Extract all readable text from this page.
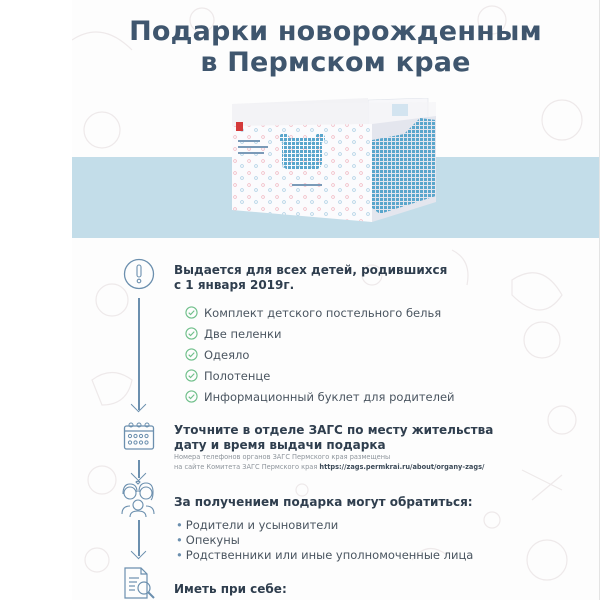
Подарки новорожденным
в Пермском крае
Выдается для всех детей, родившихся
с 1 января 2019г.
Комплект детского постельного белья
Две пеленки
Одеяло
Полотенце
Информационный буклет для родителей
Уточните в отделе ЗАГС по месту жительства
дату и время выдачи подарка
Номера телефонов органов ЗАГС Пермского края размещены
на сайте Комитета ЗАГС Пермского края https://zags.permkrai.ru/about/organy-zags/
За получением подарка могут обратиться:
• Родители и усыновители
• Опекуны
• Родственники или иные уполномоченные лица
Иметь при себе:
